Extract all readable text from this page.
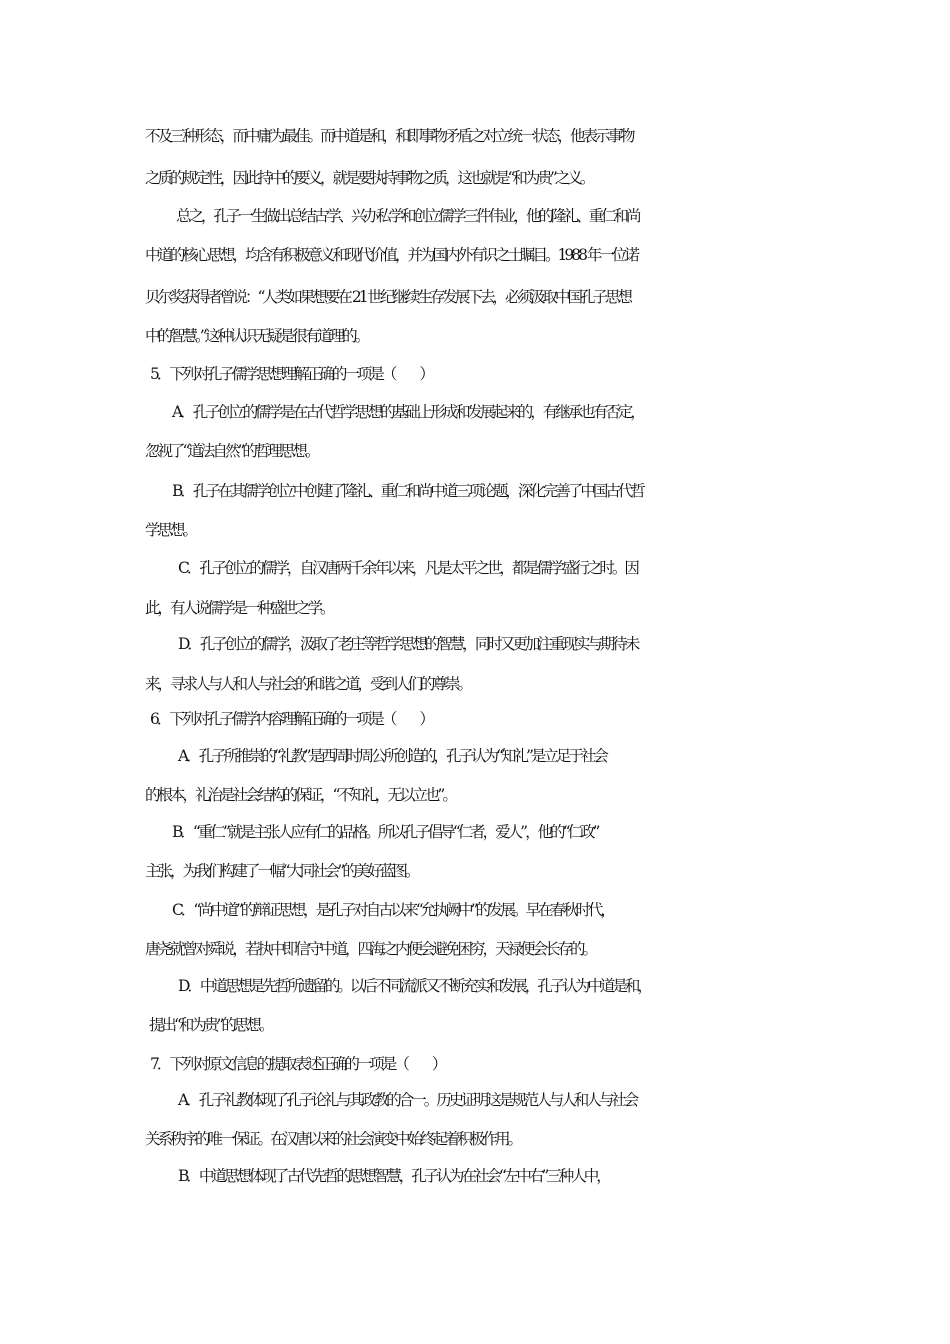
不及三种形态，而中庸为最佳。而中道是和，和即事物矛盾之对立统一状态，他表示事物
之质的规定性，因此持中的要义，就是要执持事物之质，这也就是“和为贵”之义。
总之，孔子一生做出总结古学、兴办私学和创立儒学三件伟业，他的隆礼、重仁和尚
中道的核心思想，均含有积极意义和现代价值，并为国内外有识之士瞩目。1988 年一位诺
贝尔奖获得者曾说：“人类如果想要在 21 世纪继续生存发展下去，必须汲取中国孔子思想
中的智慧。”这种认识无疑是很有道理的。
5．下列对孔子儒学思想理解正确的一项是（　　）
A．孔子创立的儒学是在古代哲学思想的基础上形成和发展起来的，有继承也有否定，
忽视了“道法自然”的哲理思想。
B．孔子在其儒学创立中创建了隆礼、重仁和尚中道三项论题，深化完善了中国古代哲
学思想。
C．孔子创立的儒学，自汉唐两千余年以来，凡是太平之世，都是儒学盛行之时。因
此，有人说儒学是一种盛世之学。
D．孔子创立的儒学，汲取了老庄等哲学思想的智慧，同时又更加注重现实与期待未
来，寻求人与人和人与社会的和谐之道，受到人们的尊崇。
6．下列对孔子儒学内容理解正确的一项是（　　）
A．孔子所推崇的“礼教”是西周时周公所创造的，孔子认为“知礼”是立足于社会
的根本，礼治是社会结构的保证，“不知礼，无以立也”。
B．“重仁”就是主张人应有仁的品格。所以孔子倡导“仁者，爱人”，他的“仁政”
主张，为我们构建了一幅“大同社会”的美好蓝图。
C．“尚中道”的辩证思想，是孔子对自古以来“允执阙中”的发展。早在春秋时代，
唐尧就曾对舜说，若执中即信守中道，四海之内便会避免困穷，天禄便会长存的。
D．中道思想是先哲所遗留的。以后不同流派又不断充实和发展，孔子认为中道是和，
提出“和为贵”的思想。
7．下列对原文信息的提取表述正确的一项是（　　）
A．孔子礼教体现了孔子论礼与其政教的合一。历史证明这是规范人与人和人与社会
关系秩序的唯一保证。在汉唐以来的社会演变中始终起着积极作用。
B．中道思想体现了古代先哲的思想智慧，孔子认为在社会“左中右”三种人中，
